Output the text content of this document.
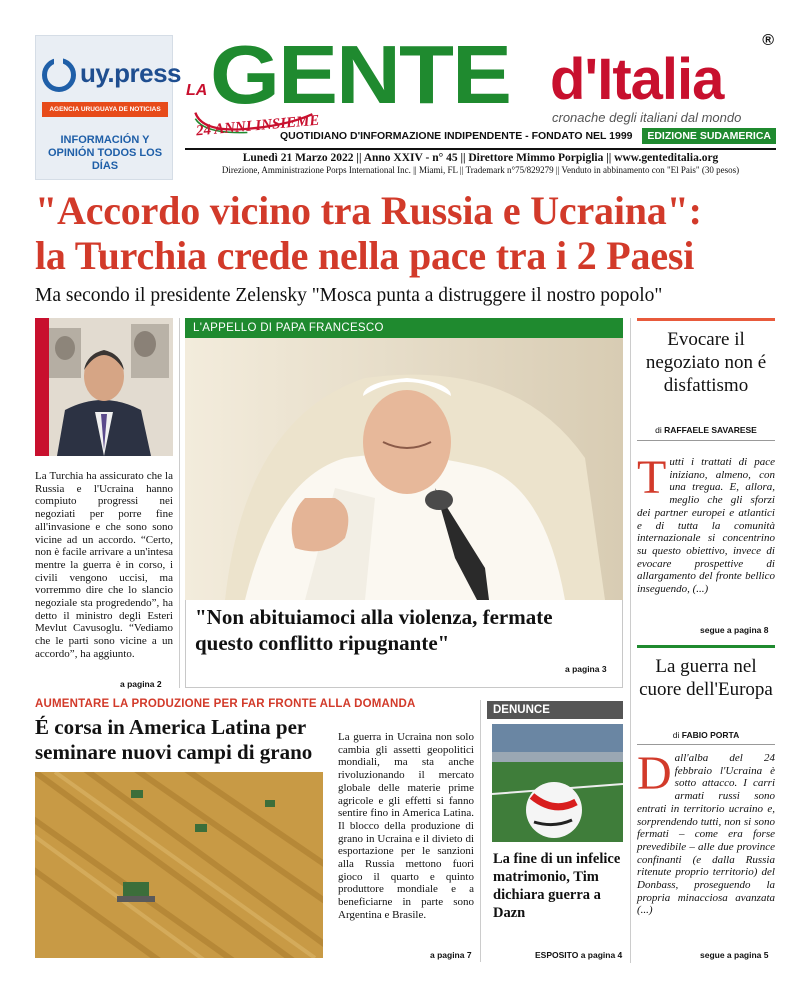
uy.press
AGENCIA URUGUAYA DE NOTICIAS
INFORMACIÓN Y OPINIÓN TODOS LOS DÍAS
LA GENTE
24 ANNI INSIEME
d'Italia
®
cronache degli italiani dal mondo
QUOTIDIANO D'INFORMAZIONE INDIPENDENTE - FONDATO NEL 1999	EDIZIONE SUDAMERICA
Lunedì 21 Marzo 2022 || Anno XXIV - n° 45 || Direttore Mimmo Porpiglia || www.genteditalia.org
Direzione, Amministrazione Porps International Inc. || Miami, FL || Trademark n°75/829279 || Venduto in abbinamento con "El Pais" (30 pesos)
"Accordo vicino tra Russia e Ucraina":
la Turchia crede nella pace tra i 2 Paesi
Ma secondo il presidente Zelensky "Mosca punta a distruggere il nostro popolo"
La Turchia ha assicurato che la Russia e l'Ucraina hanno compiuto progressi nei negoziati per porre fine all'invasione e che sono sono vicine ad un accordo. “Certo, non è facile arrivare a un'intesa mentre la guerra è in corso, i civili vengono uccisi, ma vorremmo dire che lo slancio negoziale sta progredendo”, ha detto il ministro degli Esteri Mevlut Cavusoglu. “Vediamo che le parti sono vicine a un accordo”, ha aggiunto.
a pagina 2
L'APPELLO DI PAPA FRANCESCO
"Non abituiamoci alla violenza, fermate questo conflitto ripugnante"
a pagina 3
Evocare il negoziato non é disfattismo
di RAFFAELE SAVARESE
Tutti i trattati di pace iniziano, almeno, con una tregua. E, allora, meglio che gli sforzi dei partner europei e atlantici e di tutta la comunità internazionale si concentrino su questo obiettivo, invece di evocare prospettive di allargamento del fronte bellico inseguendo, (...)
segue a pagina 8
La guerra nel cuore dell'Europa
di FABIO PORTA
Dall'alba del 24 febbraio l'Ucraina è sotto attacco. I carri armati russi sono entrati in territorio ucraino e, sorprendendo tutti, non si sono fermati – come era forse prevedibile – alle due province confinanti (e dalla Russia ritenute proprio territorio) del Donbass, proseguendo la propria minacciosa avanzata (...)
segue a pagina 5
AUMENTARE LA PRODUZIONE PER FAR FRONTE ALLA DOMANDA
É corsa in America Latina per seminare nuovi campi di grano
La guerra in Ucraina non solo cambia gli assetti geopolitici mondiali, ma sta anche rivoluzionando il mercato globale delle materie prime agricole e gli effetti si fanno sentire fino in America Latina. Il blocco della produzione di grano in Ucraina e il divieto di esportazione per le sanzioni alla Russia mettono fuori gioco il quarto e quinto produttore mondiale e a beneficiarne in parte sono Argentina e Brasile.
a pagina 7
DENUNCE
La fine di un infelice matrimonio, Tim dichiara guerra a Dazn
ESPOSITO a pagina 4
